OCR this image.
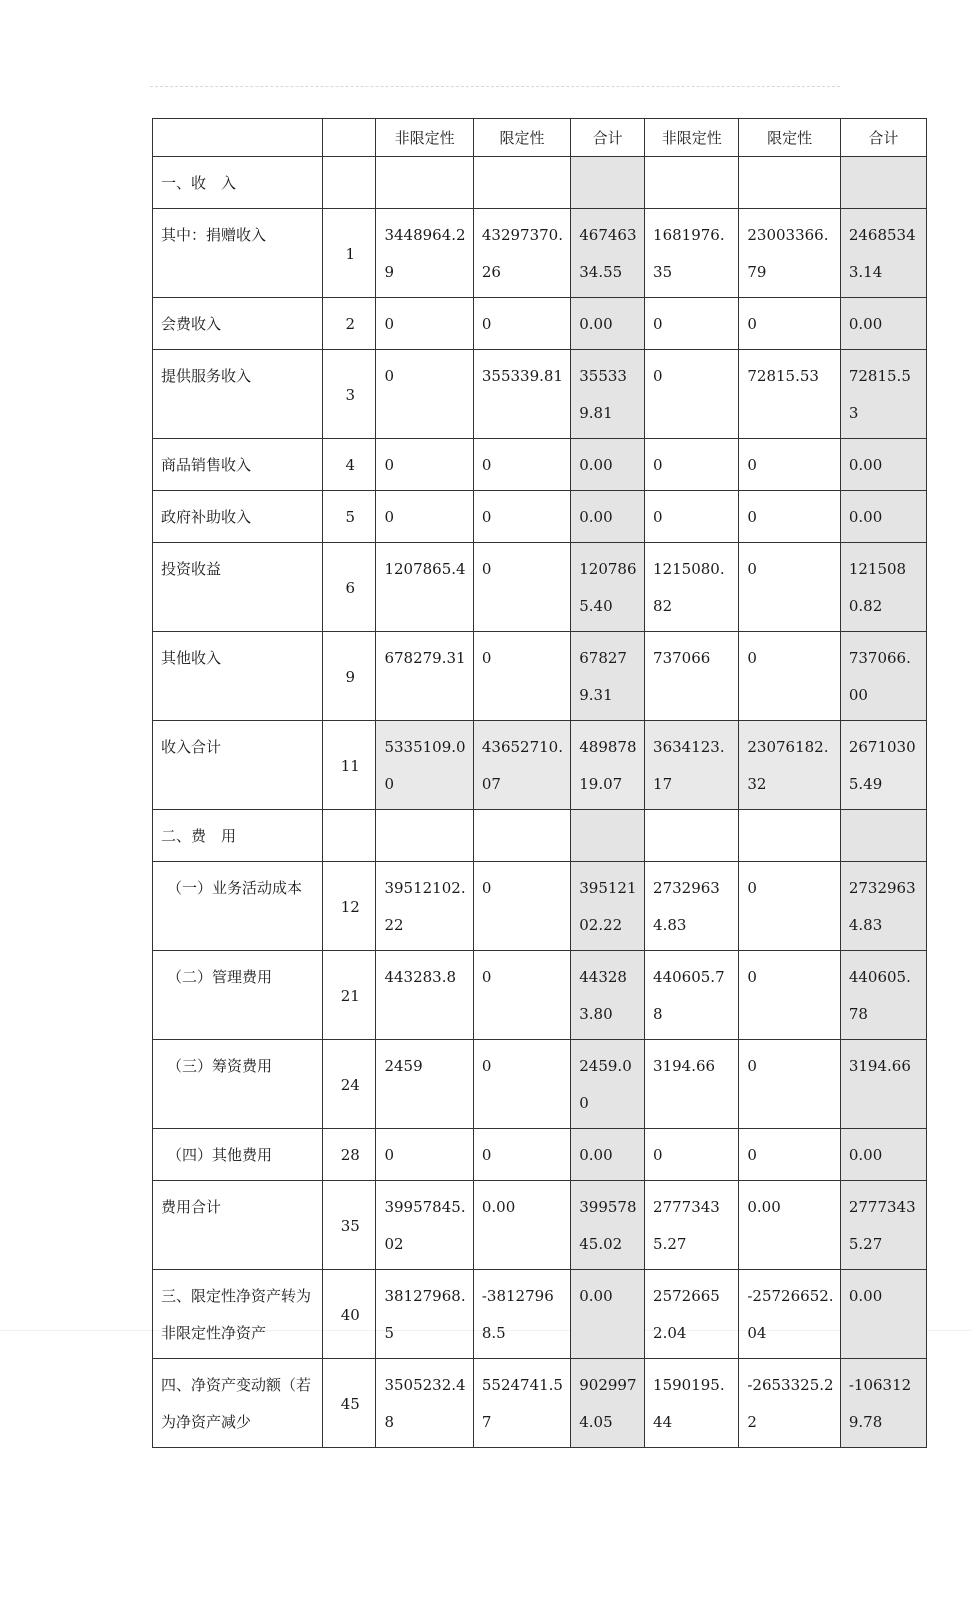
		非限定性	限定性	合计	非限定性	限定性	合计
一、收　入							
其中：捐赠收入	1	3448964.29	43297370.26	46746334.55	1681976.35	23003366.79	24685343.14
会费收入	2	0	0	0.00	0	0	0.00
提供服务收入	3	0	355339.81	355339.81	0	72815.53	72815.53
商品销售收入	4	0	0	0.00	0	0	0.00
政府补助收入	5	0	0	0.00	0	0	0.00
投资收益	6	1207865.4	0	1207865.40	1215080.82	0	1215080.82
其他收入	9	678279.31	0	678279.31	737066	0	737066.00
收入合计	11	5335109.00	43652710.07	48987819.07	3634123.17	23076182.32	26710305.49
二、费　用							
（一）业务活动成本	12	39512102.22	0	39512102.22	27329634.83	0	27329634.83
（二）管理费用	21	443283.8	0	443283.80	440605.78	0	440605.78
（三）筹资费用	24	2459	0	2459.00	3194.66	0	3194.66
（四）其他费用	28	0	0	0.00	0	0	0.00
费用合计	35	39957845.02	0.00	39957845.02	27773435.27	0.00	27773435.27
三、限定性净资产转为非限定性净资产	40	38127968.5	-38127968.5	0.00	25726652.04	-25726652.04	0.00
四、净资产变动额（若为净资产减少	45	3505232.48	5524741.57	9029974.05	1590195.44	-2653325.22	-1063129.78
